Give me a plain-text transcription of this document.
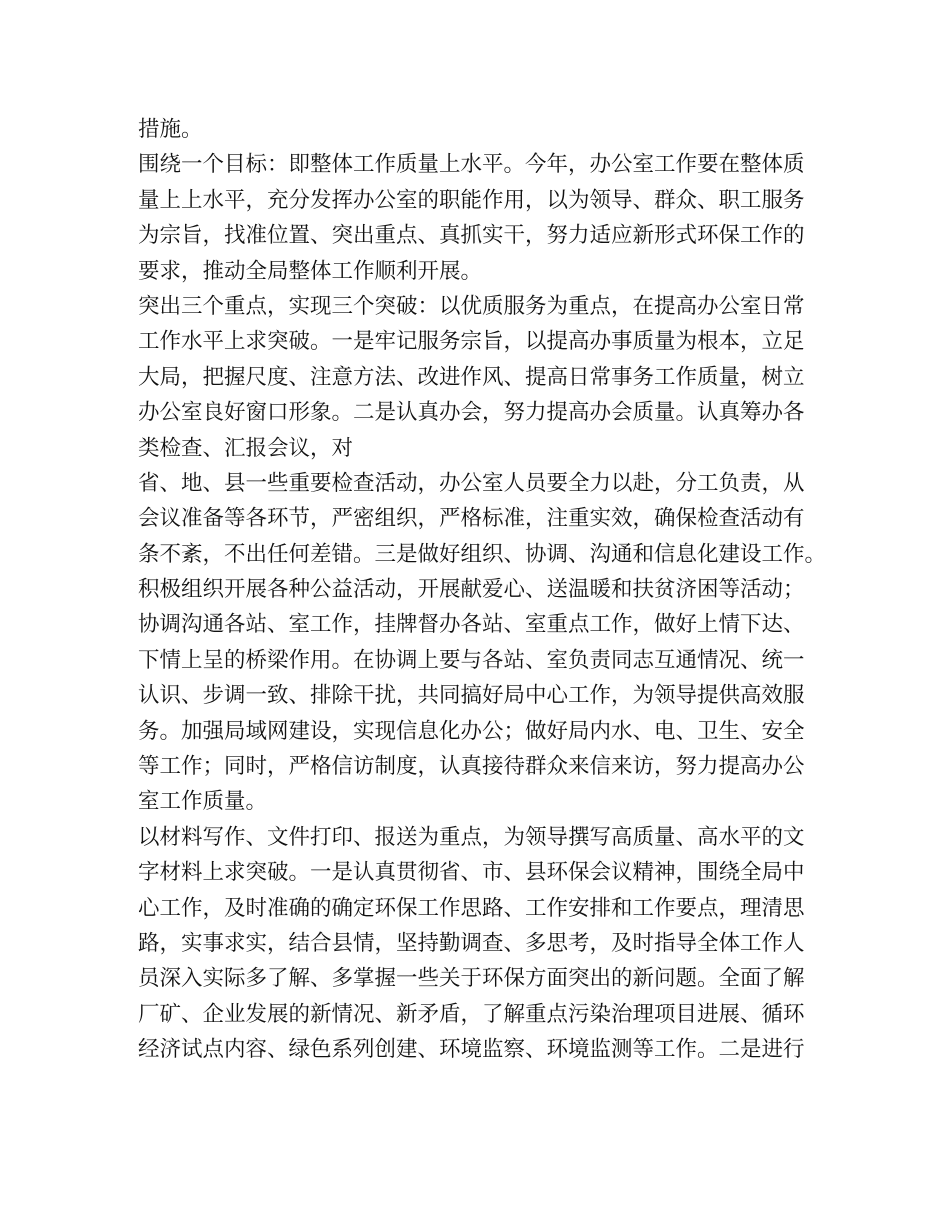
措施。
围绕一个目标：即整体工作质量上水平。今年，办公室工作要在整体质
量上上水平，充分发挥办公室的职能作用，以为领导、群众、职工服务
为宗旨，找准位置、突出重点、真抓实干，努力适应新形式环保工作的
要求，推动全局整体工作顺利开展。
突出三个重点，实现三个突破：以优质服务为重点，在提高办公室日常
工作水平上求突破。一是牢记服务宗旨，以提高办事质量为根本，立足
大局，把握尺度、注意方法、改进作风、提高日常事务工作质量，树立
办公室良好窗口形象。二是认真办会，努力提高办会质量。认真筹办各
类检查、汇报会议，对
省、地、县一些重要检查活动，办公室人员要全力以赴，分工负责，从
会议准备等各环节，严密组织，严格标准，注重实效，确保检查活动有
条不紊，不出任何差错。三是做好组织、协调、沟通和信息化建设工作。
积极组织开展各种公益活动，开展献爱心、送温暖和扶贫济困等活动；
协调沟通各站、室工作，挂牌督办各站、室重点工作，做好上情下达、
下情上呈的桥梁作用。在协调上要与各站、室负责同志互通情况、统一
认识、步调一致、排除干扰，共同搞好局中心工作，为领导提供高效服
务。加强局域网建设，实现信息化办公；做好局内水、电、卫生、安全
等工作；同时，严格信访制度，认真接待群众来信来访，努力提高办公
室工作质量。
以材料写作、文件打印、报送为重点，为领导撰写高质量、高水平的文
字材料上求突破。一是认真贯彻省、市、县环保会议精神，围绕全局中
心工作，及时准确的确定环保工作思路、工作安排和工作要点，理清思
路，实事求实，结合县情，坚持勤调查、多思考，及时指导全体工作人
员深入实际多了解、多掌握一些关于环保方面突出的新问题。全面了解
厂矿、企业发展的新情况、新矛盾，了解重点污染治理项目进展、循环
经济试点内容、绿色系列创建、环境监察、环境监测等工作。二是进行
